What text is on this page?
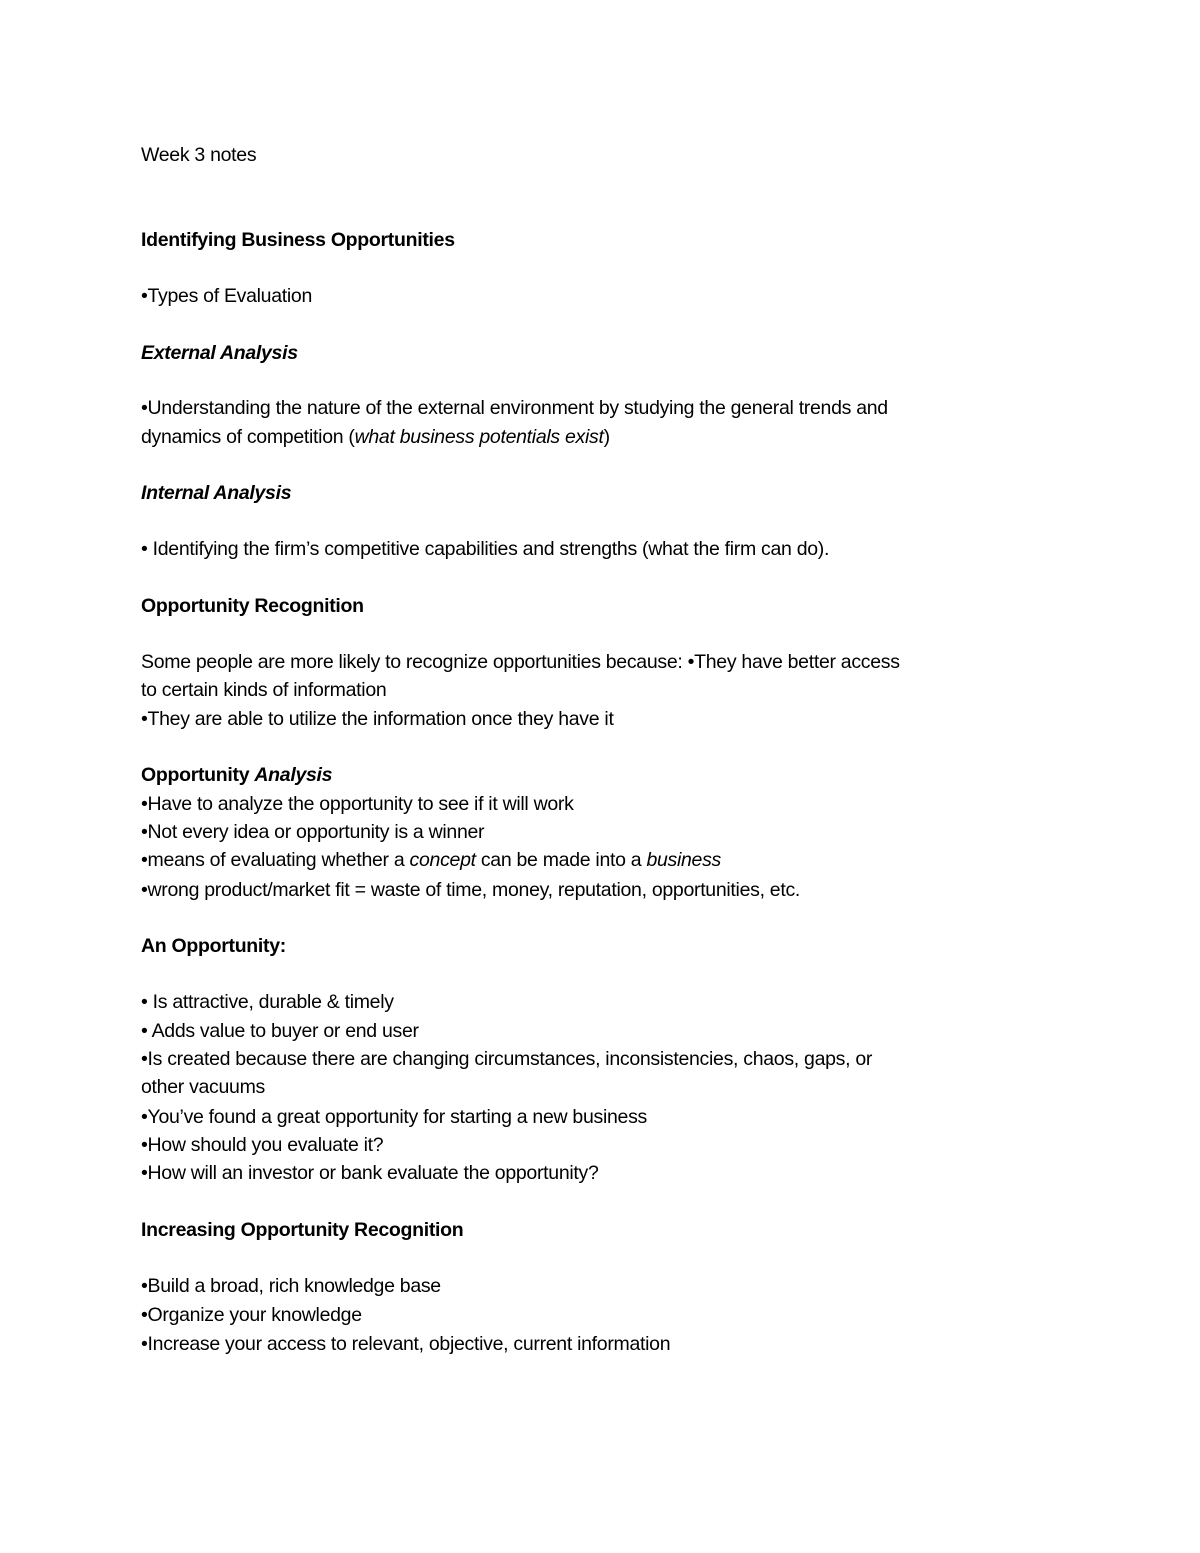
Week 3 notes
Identifying Business Opportunities
•Types of Evaluation
External Analysis
•Understanding the nature of the external environment by studying the general trends and
dynamics of competition (what business potentials exist)
Internal Analysis
• Identifying the firm’s competitive capabilities and strengths (what the firm can do).
Opportunity Recognition
Some people are more likely to recognize opportunities because: •They have better access
to certain kinds of information
•They are able to utilize the information once they have it
Opportunity Analysis
•Have to analyze the opportunity to see if it will work
•Not every idea or opportunity is a winner
•means of evaluating whether a concept can be made into a business
•wrong product/market fit = waste of time, money, reputation, opportunities, etc.
An Opportunity:
• Is attractive, durable & timely
• Adds value to buyer or end user
•Is created because there are changing circumstances, inconsistencies, chaos, gaps, or
other vacuums
•You’ve found a great opportunity for starting a new business
•How should you evaluate it?
•How will an investor or bank evaluate the opportunity?
Increasing Opportunity Recognition
•Build a broad, rich knowledge base
•Organize your knowledge
•Increase your access to relevant, objective, current information
